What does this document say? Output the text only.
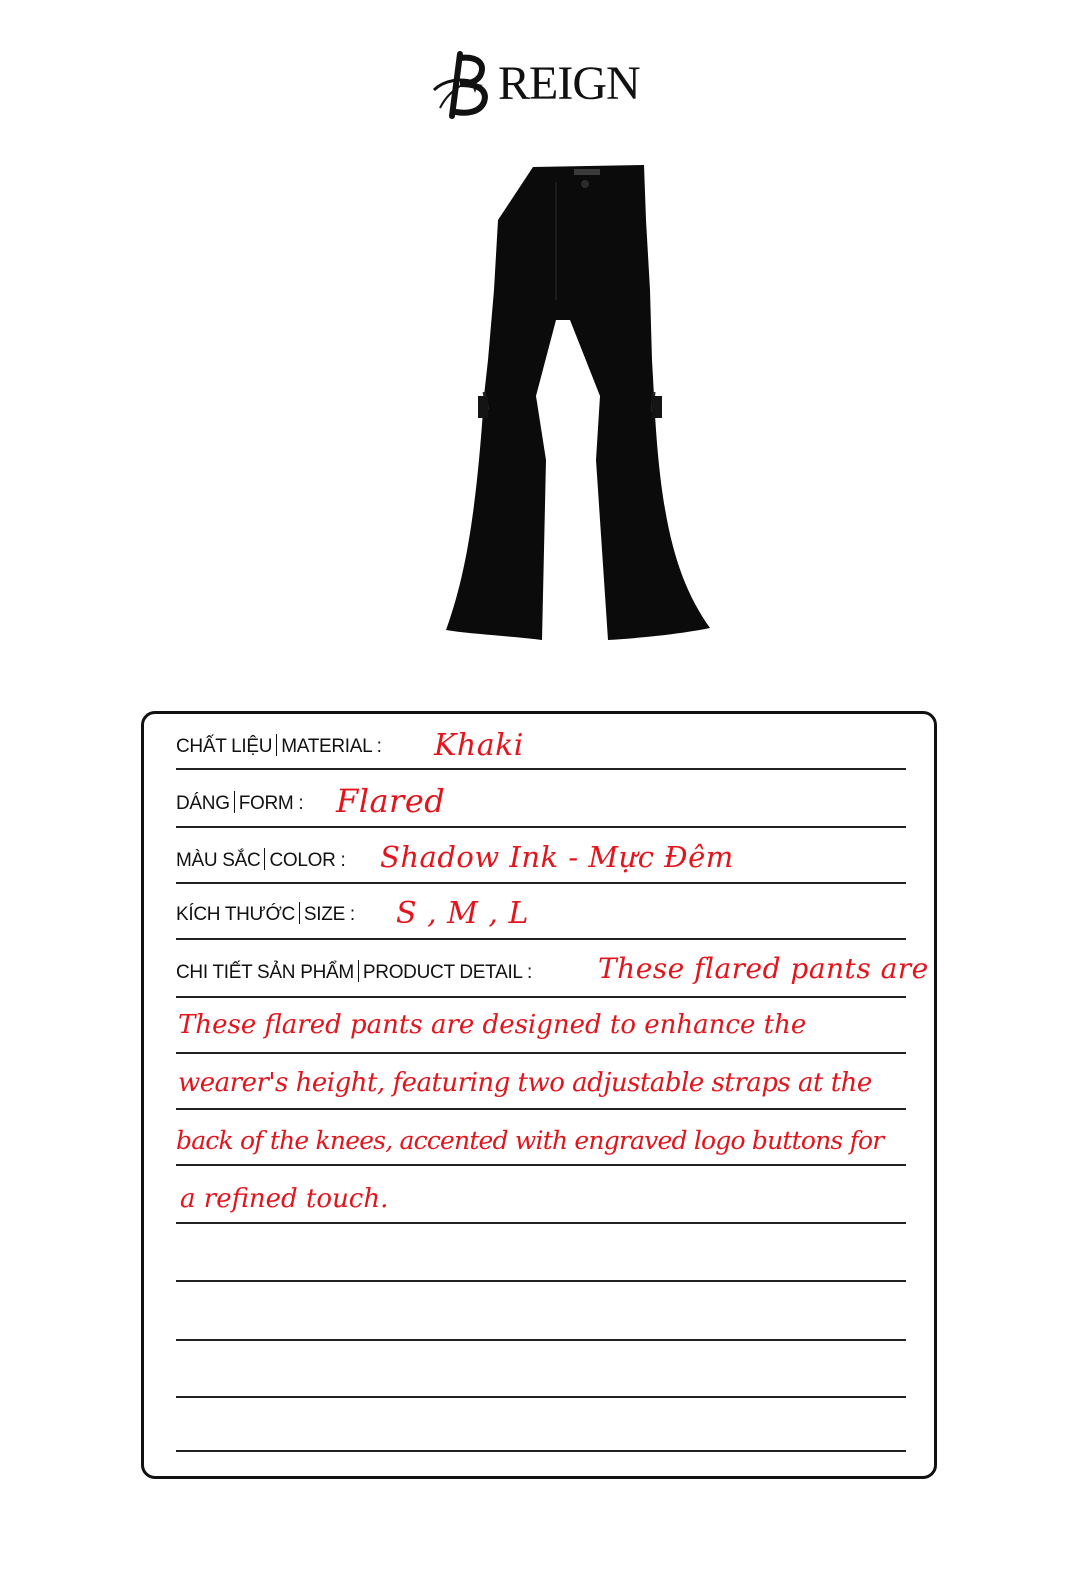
REIGN
CHẤT LIỆU MATERIAL : Khaki
DÁNG FORM : Flared
MÀU SẮC COLOR : Shadow Ink - Mực Đêm
KÍCH THƯỚC SIZE : S , M , L
CHI TIẾT SẢN PHẨM PRODUCT DETAIL : These flared pants are
These flared pants are designed to enhance the
wearer's height, featuring two adjustable straps at the
back of the knees, accented with engraved logo buttons for
a refined touch.
